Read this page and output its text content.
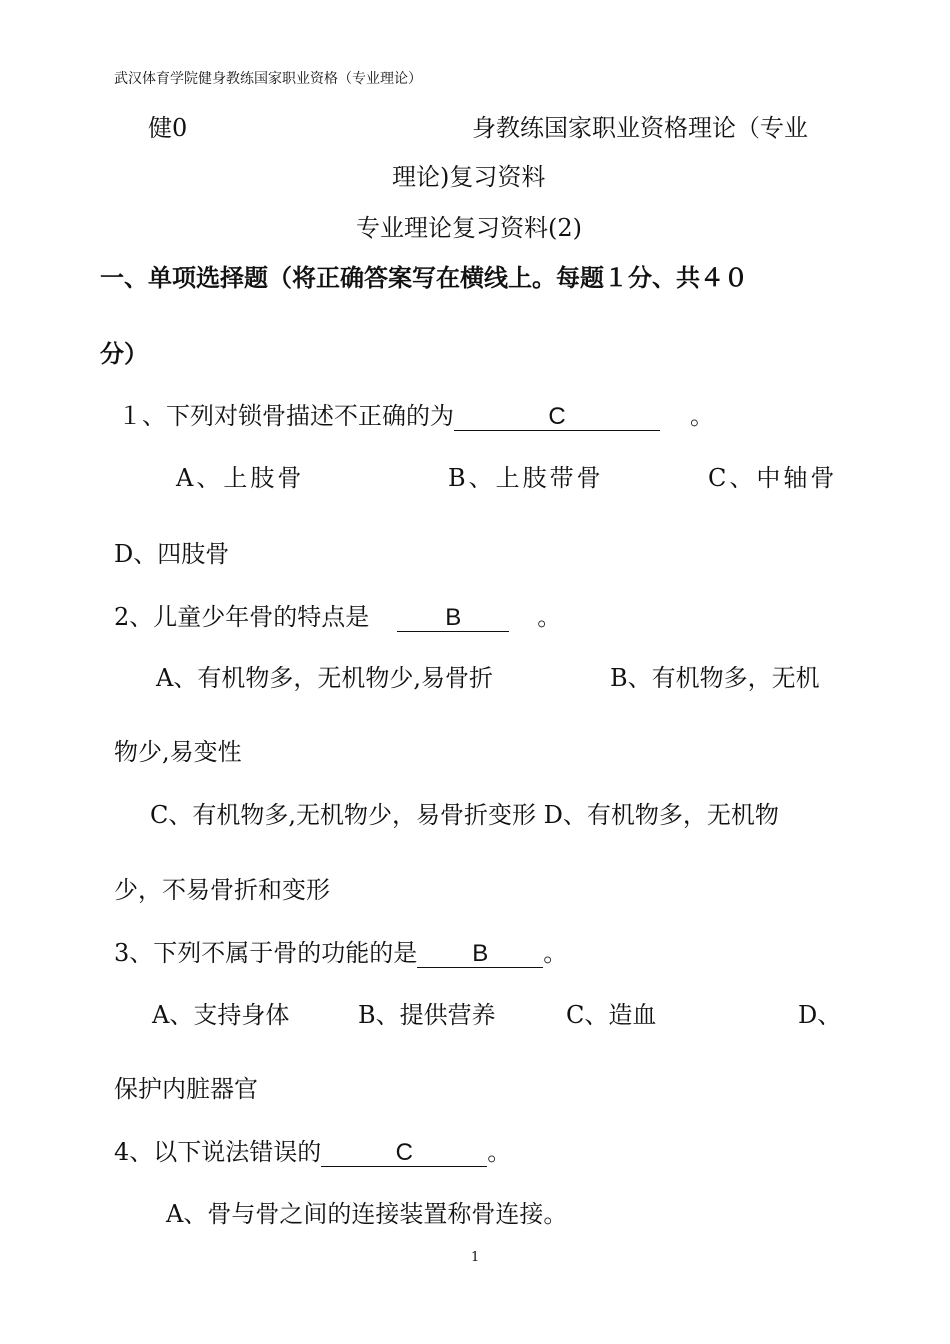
武汉体育学院健身教练国家职业资格（专业理论）
健0	身教练国家职业资格理论（专业
理论)复习资料
专业理论复习资料(2)
一、单项选择题（将正确答案写在横线上。每题１分、共４０
分）
１、下列对锁骨描述不正确的为	C	。
A、上肢骨	B、上肢带骨	C、中轴骨
D、四肢骨
2、儿童少年骨的特点是	B	。
A、有机物多，无机物少,易骨折	B、有机物多，无机
物少,易变性
C、有机物多,无机物少，易骨折变形 D、有机物多，无机物
少，不易骨折和变形
3、下列不属于骨的功能的是 B 。
A、支持身体	B、提供营养	C、造血	D、
保护内脏器官
4、以下说法错误的	C	。
A、骨与骨之间的连接装置称骨连接。
1
